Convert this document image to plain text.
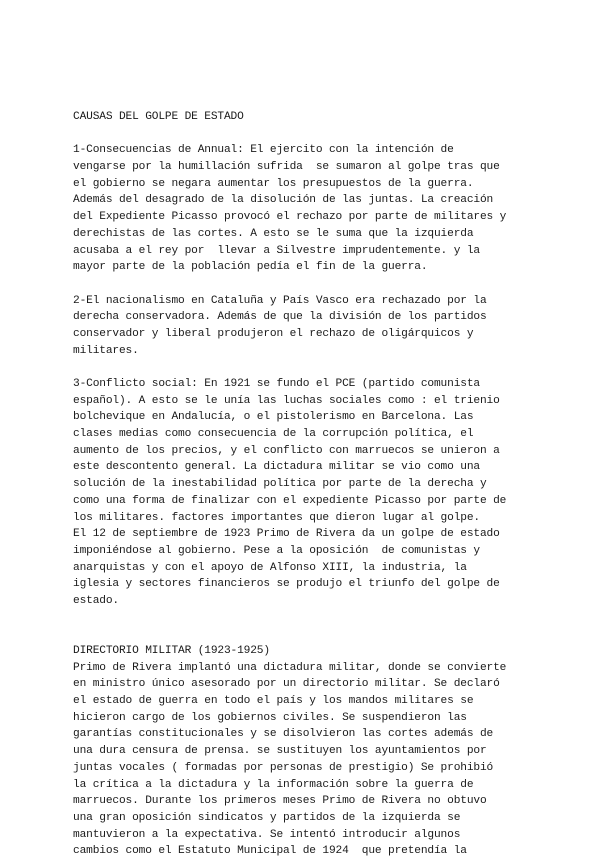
CAUSAS DEL GOLPE DE ESTADO
1-Consecuencias de Annual: El ejercito con la intención de
vengarse por la humillación sufrida  se sumaron al golpe tras que
el gobierno se negara aumentar los presupuestos de la guerra.
Además del desagrado de la disolución de las juntas. La creación
del Expediente Picasso provocó el rechazo por parte de militares y
derechistas de las cortes. A esto se le suma que la izquierda
acusaba a el rey por  llevar a Silvestre imprudentemente. y la
mayor parte de la población pedía el fin de la guerra.
2-El nacionalismo en Cataluña y País Vasco era rechazado por la
derecha conservadora. Además de que la división de los partidos
conservador y liberal produjeron el rechazo de oligárquicos y
militares.
3-Conflicto social: En 1921 se fundo el PCE (partido comunista
español). A esto se le unía las luchas sociales como : el trienio
bolchevique en Andalucía, o el pistolerismo en Barcelona. Las
clases medias como consecuencia de la corrupción política, el
aumento de los precios, y el conflicto con marruecos se unieron a
este descontento general. La dictadura militar se vio como una
solución de la inestabilidad política por parte de la derecha y
como una forma de finalizar con el expediente Picasso por parte de
los militares. factores importantes que dieron lugar al golpe.
El 12 de septiembre de 1923 Primo de Rivera da un golpe de estado
imponiéndose al gobierno. Pese a la oposición  de comunistas y
anarquistas y con el apoyo de Alfonso XIII, la industria, la
iglesia y sectores financieros se produjo el triunfo del golpe de
estado.
DIRECTORIO MILITAR (1923-1925)
Primo de Rivera implantó una dictadura militar, donde se convierte
en ministro único asesorado por un directorio militar. Se declaró
el estado de guerra en todo el país y los mandos militares se
hicieron cargo de los gobiernos civiles. Se suspendieron las
garantías constitucionales y se disolvieron las cortes además de
una dura censura de prensa. se sustituyen los ayuntamientos por
juntas vocales ( formadas por personas de prestigio) Se prohibió
la crítica a la dictadura y la información sobre la guerra de
marruecos. Durante los primeros meses Primo de Rivera no obtuvo
una gran oposición sindicatos y partidos de la izquierda se
mantuvieron a la expectativa. Se intentó introducir algunos
cambios como el Estatuto Municipal de 1924  que pretendía la
